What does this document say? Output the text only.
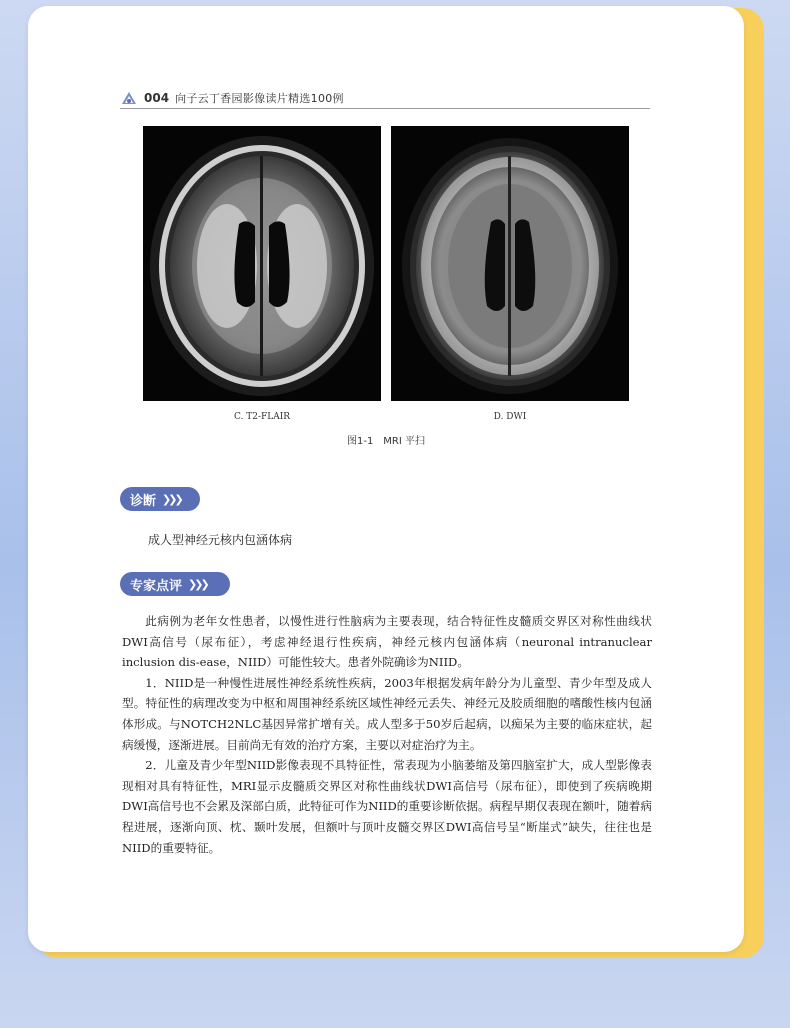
004 向子云丁香园影像读片精选100例
C. T2-FLAIR	D. DWI
图1-1　MRI 平扫
诊断 ❯❯❯
成人型神经元核内包涵体病
专家点评 ❯❯❯

此病例为老年女性患者，以慢性进行性脑病为主要表现，结合特征性皮髓质交界区对称性曲线状DWI高信号（尿布征），考虑神经退行性疾病，神经元核内包涵体病（neuronal intranuclear inclusion dis-ease，NIID）可能性较大。患者外院确诊为NIID。

1．NIID是一种慢性进展性神经系统性疾病，2003年根据发病年龄分为儿童型、青少年型及成人型。特征性的病理改变为中枢和周围神经系统区域性神经元丢失、神经元及胶质细胞的嗜酸性核内包涵体形成。与NOTCH2NLC基因异常扩增有关。成人型多于50岁后起病，以痴呆为主要的临床症状，起病缓慢，逐渐进展。目前尚无有效的治疗方案，主要以对症治疗为主。

2．儿童及青少年型NIID影像表现不具特征性，常表现为小脑萎缩及第四脑室扩大，成人型影像表现相对具有特征性，MRI显示皮髓质交界区对称性曲线状DWI高信号（尿布征），即使到了疾病晚期DWI高信号也不会累及深部白质，此特征可作为NIID的重要诊断依据。病程早期仅表现在额叶，随着病程进展，逐渐向顶、枕、颞叶发展，但额叶与顶叶皮髓交界区DWI高信号呈“断崖式”缺失，往往也是NIID的重要特征。
